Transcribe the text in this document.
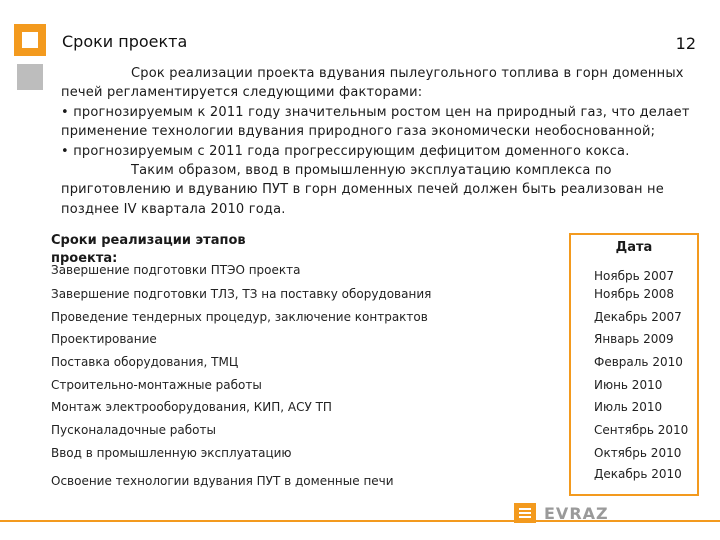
Сроки проекта	12

Срок реализации проекта вдувания пылеугольного топлива в горн доменных печей регламентируется следующими факторами:

• прогнозируемым к 2011 году значительным ростом цен на природный газ, что делает применение технологии вдувания природного газа экономически необоснованной;

• прогнозируемым с 2011 года прогрессирующим дефицитом доменного кокса.

Таким образом, ввод в промышленную эксплуатацию комплекса по приготовлению и вдуванию ПУТ в горн доменных печей должен быть реализован не позднее IV квартала 2010 года.

Сроки реализации этапов проекта:
Дата
Завершение подготовки ПТЭО проекта	Ноябрь 2007
Завершение подготовки ТЛЗ, ТЗ на поставку оборудования	Ноябрь 2008
Проведение тендерных процедур, заключение контрактов	Декабрь 2007
Проектирование	Январь 2009
Поставка оборудования, ТМЦ	Февраль 2010
Строительно-монтажные работы	Июнь 2010
Монтаж электрооборудования, КИП, АСУ ТП	Июль 2010
Пусконаладочные работы	Сентябрь 2010
Ввод в промышленную эксплуатацию	Октябрь 2010
Освоение технологии вдувания ПУТ в доменные печи	Декабрь 2010
EVRAZ
